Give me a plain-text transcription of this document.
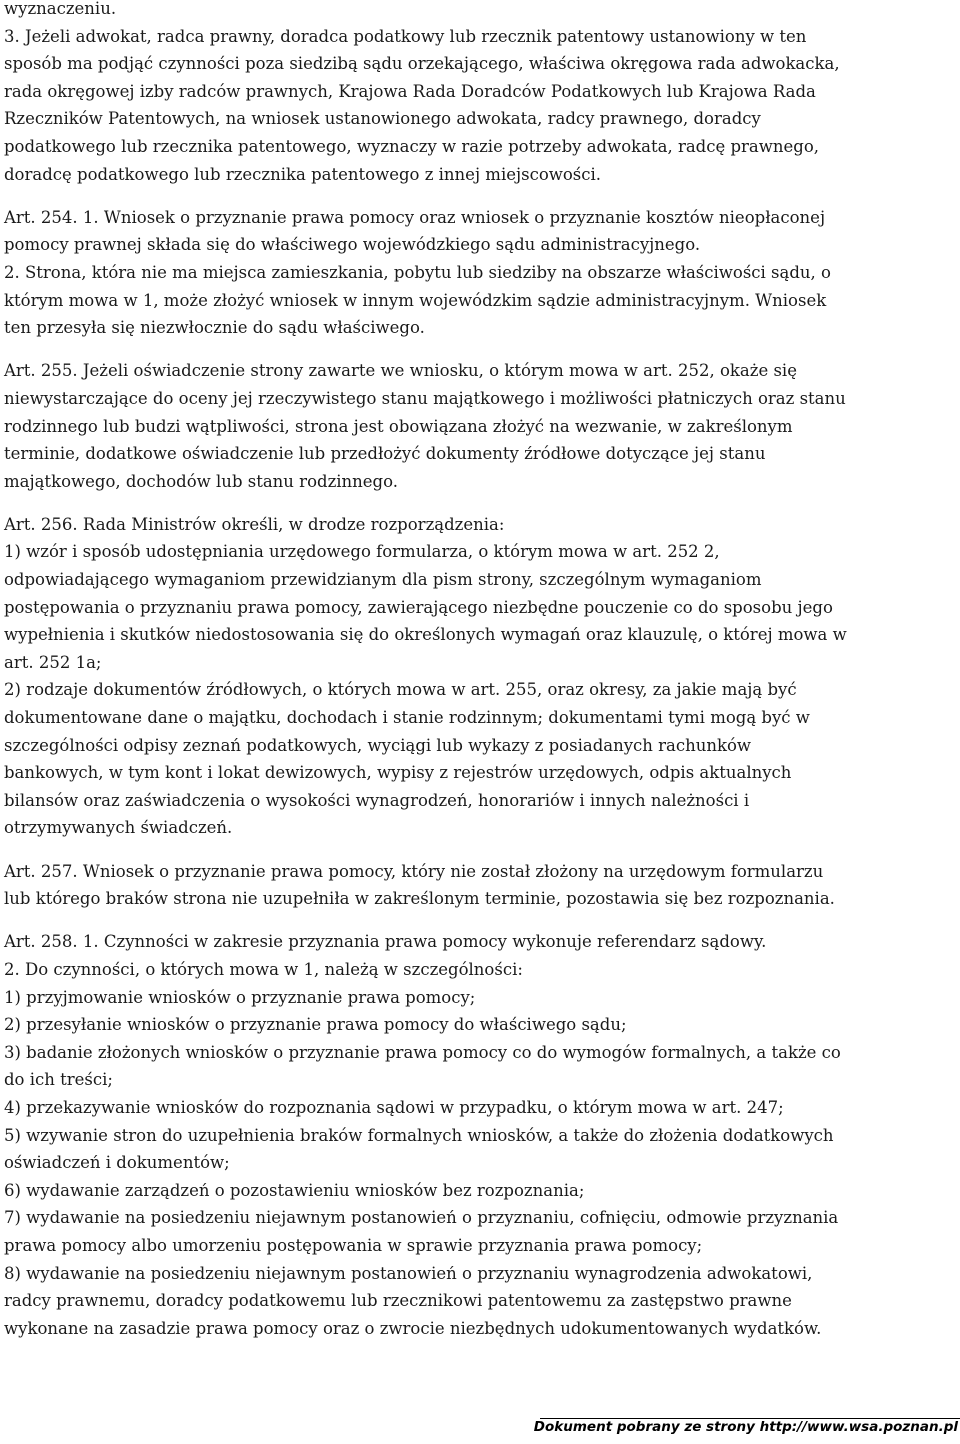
wyznaczeniu.
3. Jeżeli adwokat, radca prawny, doradca podatkowy lub rzecznik patentowy ustanowiony w ten
sposób ma podjąć czynności poza siedzibą sądu orzekającego, właściwa okręgowa rada adwokacka,
rada okręgowej izby radców prawnych, Krajowa Rada Doradców Podatkowych lub Krajowa Rada
Rzeczników Patentowych, na wniosek ustanowionego adwokata, radcy prawnego, doradcy
podatkowego lub rzecznika patentowego, wyznaczy w razie potrzeby adwokata, radcę prawnego,
doradcę podatkowego lub rzecznika patentowego z innej miejscowości.
Art. 254. 1. Wniosek o przyznanie prawa pomocy oraz wniosek o przyznanie kosztów nieopłaconej
pomocy prawnej składa się do właściwego wojewódzkiego sądu administracyjnego.
2. Strona, która nie ma miejsca zamieszkania, pobytu lub siedziby na obszarze właściwości sądu, o
którym mowa w 1, może złożyć wniosek w innym wojewódzkim sądzie administracyjnym. Wniosek
ten przesyła się niezwłocznie do sądu właściwego.
Art. 255. Jeżeli oświadczenie strony zawarte we wniosku, o którym mowa w art. 252, okaże się
niewystarczające do oceny jej rzeczywistego stanu majątkowego i możliwości płatniczych oraz stanu
rodzinnego lub budzi wątpliwości, strona jest obowiązana złożyć na wezwanie, w zakreślonym
terminie, dodatkowe oświadczenie lub przedłożyć dokumenty źródłowe dotyczące jej stanu
majątkowego, dochodów lub stanu rodzinnego.
Art. 256. Rada Ministrów określi, w drodze rozporządzenia:
1) wzór i sposób udostępniania urzędowego formularza, o którym mowa w art. 252 2,
odpowiadającego wymaganiom przewidzianym dla pism strony, szczególnym wymaganiom
postępowania o przyznaniu prawa pomocy, zawierającego niezbędne pouczenie co do sposobu jego
wypełnienia i skutków niedostosowania się do określonych wymagań oraz klauzulę, o której mowa w
art. 252 1a;
2) rodzaje dokumentów źródłowych, o których mowa w art. 255, oraz okresy, za jakie mają być
dokumentowane dane o majątku, dochodach i stanie rodzinnym; dokumentami tymi mogą być w
szczególności odpisy zeznań podatkowych, wyciągi lub wykazy z posiadanych rachunków
bankowych, w tym kont i lokat dewizowych, wypisy z rejestrów urzędowych, odpis aktualnych
bilansów oraz zaświadczenia o wysokości wynagrodzeń, honorariów i innych należności i
otrzymywanych świadczeń.
Art. 257. Wniosek o przyznanie prawa pomocy, który nie został złożony na urzędowym formularzu
lub którego braków strona nie uzupełniła w zakreślonym terminie, pozostawia się bez rozpoznania.
Art. 258. 1. Czynności w zakresie przyznania prawa pomocy wykonuje referendarz sądowy.
2. Do czynności, o których mowa w 1, należą w szczególności:
1) przyjmowanie wniosków o przyznanie prawa pomocy;
2) przesyłanie wniosków o przyznanie prawa pomocy do właściwego sądu;
3) badanie złożonych wniosków o przyznanie prawa pomocy co do wymogów formalnych, a także co
do ich treści;
4) przekazywanie wniosków do rozpoznania sądowi w przypadku, o którym mowa w art. 247;
5) wzywanie stron do uzupełnienia braków formalnych wniosków, a także do złożenia dodatkowych
oświadczeń i dokumentów;
6) wydawanie zarządzeń o pozostawieniu wniosków bez rozpoznania;
7) wydawanie na posiedzeniu niejawnym postanowień o przyznaniu, cofnięciu, odmowie przyznania
prawa pomocy albo umorzeniu postępowania w sprawie przyznania prawa pomocy;
8) wydawanie na posiedzeniu niejawnym postanowień o przyznaniu wynagrodzenia adwokatowi,
radcy prawnemu, doradcy podatkowemu lub rzecznikowi patentowemu za zastępstwo prawne
wykonane na zasadzie prawa pomocy oraz o zwrocie niezbędnych udokumentowanych wydatków.
Dokument pobrany ze strony http://www.wsa.poznan.pl
